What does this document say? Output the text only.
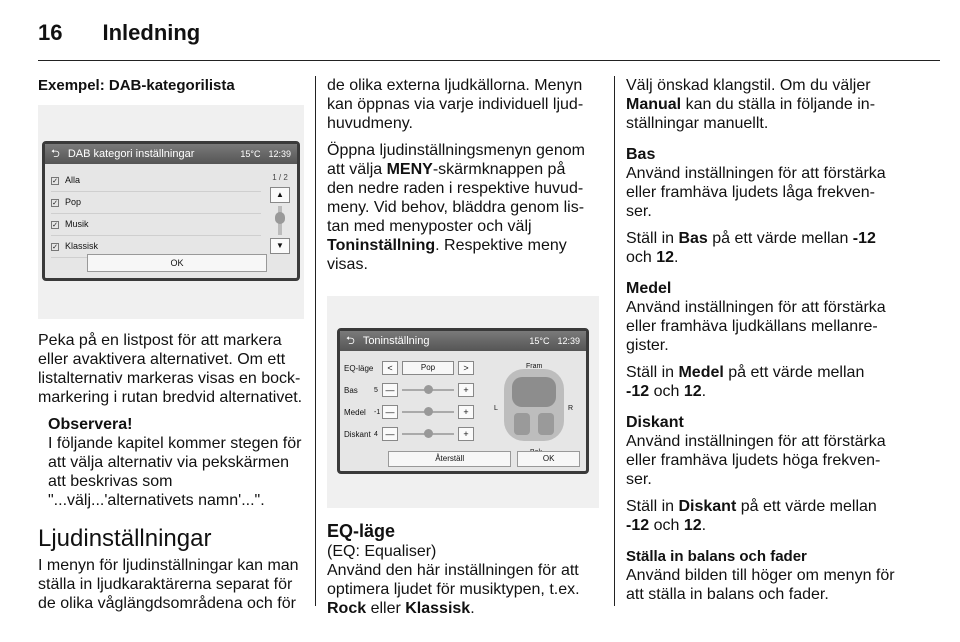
16 Inledning
Exempel: DAB-kategorilista
⮌ DAB kategori inställningar	15°C 12:39
✓ Alla
✓ Pop
✓ Musik
✓ Klassisk
1 / 2
▲
▼
OK

Peka på en listpost för att markera

eller avaktivera alternativet. Om ett

listalternativ markeras visas en bock-

markering i rutan bredvid alternativet.

Observera!

I följande kapitel kommer stegen för

att välja alternativ via pekskärmen

att beskrivas som

"...välj...'alternativets namn'...".

Ljudinställningar

I menyn för ljudinställningar kan man

ställa in ljudkaraktärerna separat för

de olika våglängdsområdena och för

de olika externa ljudkällorna. Menyn

kan öppnas via varje individuell ljud-

huvudmeny.

Öppna ljudinställningsmenyn genom

att välja MENY-skärmknappen på

den nedre raden i respektive huvud-

meny. Vid behov, bläddra genom lis-

tan med menyposter och välj

Toninställning. Respektive meny

visas.

⮌ Toninställning	15°C 12:39
EQ-läge	<	Pop	>
Bas	5 —	+
Medel	-1 —	+
Diskant 4 —	+
Fram
L	R
Återställ	OK
EQ-läge

(EQ: Equaliser)

Använd den här inställningen för att

optimera ljudet för musiktypen, t.ex.

Rock eller Klassisk.

Välj önskad klangstil. Om du väljer

Manual kan du ställa in följande in-

ställningar manuellt.

Bas

Använd inställningen för att förstärka

eller framhäva ljudets låga frekven-

ser.

Ställ in Bas på ett värde mellan -12

och 12.

Medel

Använd inställningen för att förstärka

eller framhäva ljudkällans mellanre-

gister.

Ställ in Medel på ett värde mellan

-12 och 12.

Diskant

Använd inställningen för att förstärka

eller framhäva ljudets höga frekven-

ser.

Ställ in Diskant på ett värde mellan

-12 och 12.

Ställa in balans och fader

Använd bilden till höger om menyn för

att ställa in balans och fader.
